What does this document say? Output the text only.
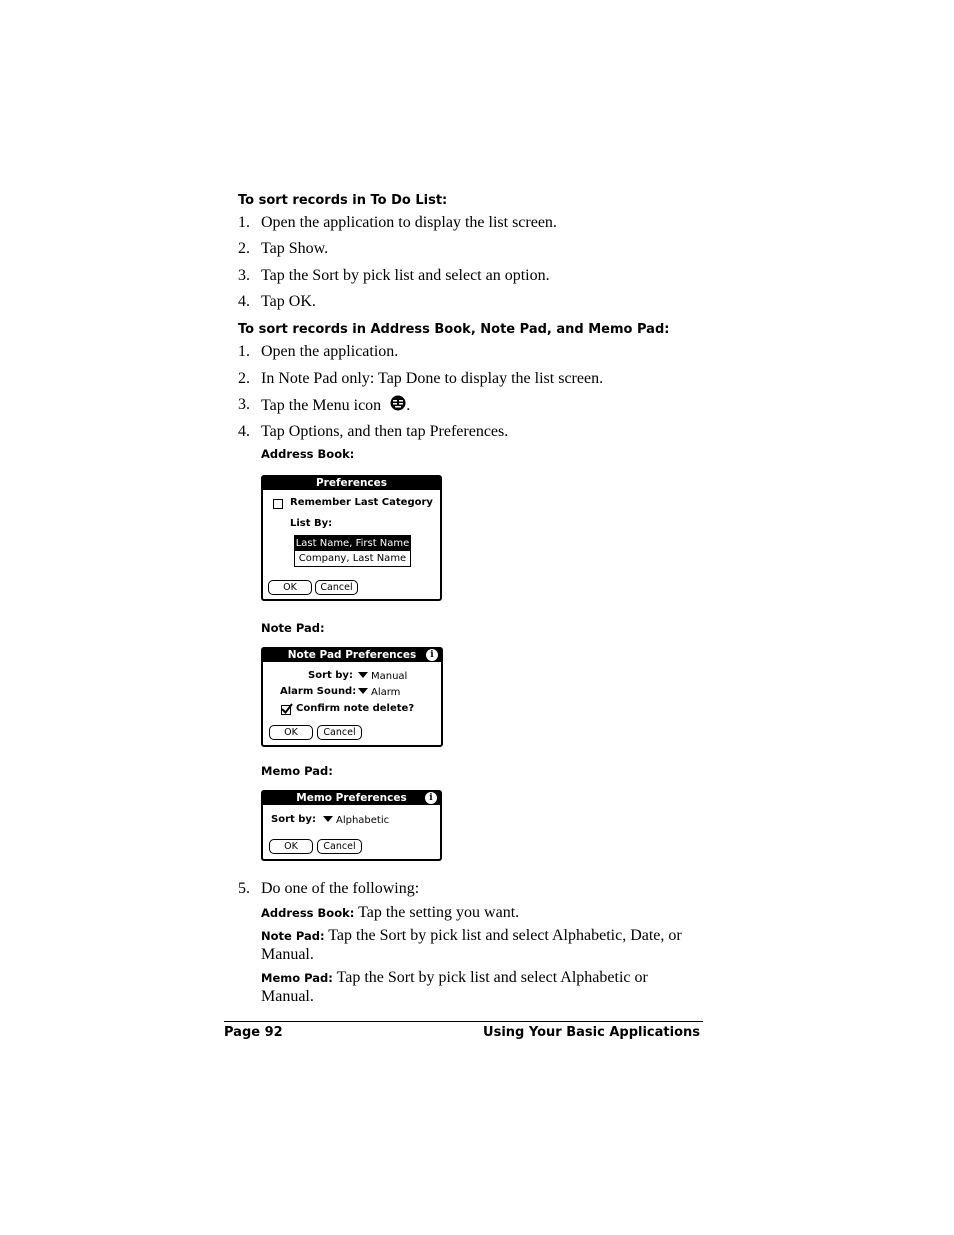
To sort records in To Do List:
1. Open the application to display the list screen.
2. Tap Show.
3. Tap the Sort by pick list and select an option.
4. Tap OK.
To sort records in Address Book, Note Pad, and Memo Pad:
1. Open the application.
2. In Note Pad only: Tap Done to display the list screen.
3. Tap the Menu icon .
4. Tap Options, and then tap Preferences.
Address Book:
Preferences
Remember Last Category
List By:
Last Name, First Name
Company, Last Name
OK	Cancel
Note Pad:
Note Pad Preferences	i
Sort by:	Manual
Alarm Sound:	Alarm
Confirm note delete?
OK	Cancel
Memo Pad:
Memo Preferences	i
Sort by:	Alphabetic
OK	Cancel
5. Do one of the following:
Address Book: Tap the setting you want.
Note Pad: Tap the Sort by pick list and select Alphabetic, Date, or
Manual.
Memo Pad: Tap the Sort by pick list and select Alphabetic or
Manual.
Page 92	Using Your Basic Applications
